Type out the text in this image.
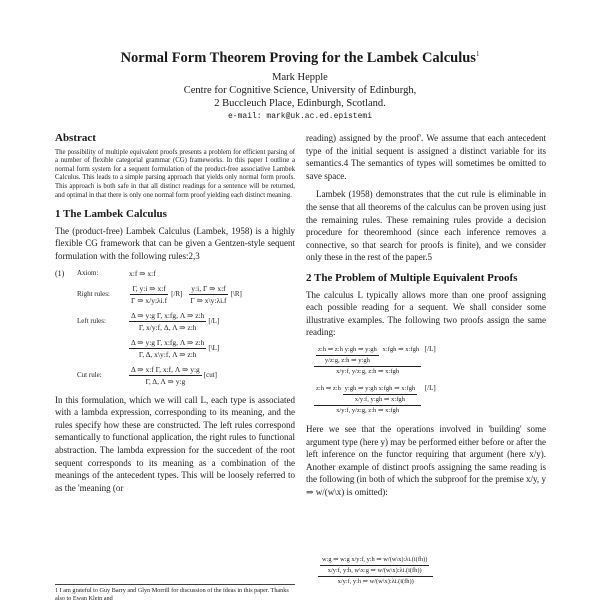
Normal Form Theorem Proving for the Lambek Calculus$^1$
Mark Hepple
Centre for Cognitive Science, University of Edinburgh,
2 Buccleuch Place, Edinburgh, Scotland.
e-mail: mark@uk.ac.ed.epistemi
Abstract

The possibility of multiple equivalent proofs presents a problem for efficient parsing of a number of flexible categorial grammar (CG) frameworks. In this paper I outline a normal form system for a sequent formulation of the product-free associative Lambek Calculus. This leads to a simple parsing approach that yields only normal form proofs. This approach is both safe in that all distinct readings for a sentence will be returned, and optimal in that there is only one normal form proof yielding each distinct meaning.

1 The Lambek Calculus

The (product-free) Lambek Calculus (Lambek, 1958) is a highly flexible CG framework that can be given a Gentzen-style sequent formulation with the following rules:2,3

(1)	Axiom:	x:f ⇒ x:f
Right rules:	$\frac{\Gamma, y:i \Rightarrow x:f}{\Gamma \Rightarrow x/y:\lambda i.f} [/R] \frac{y:i, \Gamma \Rightarrow x:f}{\Gamma \Rightarrow x\backslash y:\lambda i.f}$ [\R]
Left rules:	$\frac{\text{Δ ⇒ y:g Γ, x:fg, Λ ⇒ z:h}}{\Gamma, x/y:f, \Delta, \Lambda \Rightarrow z:h} [/L]$
$\frac{\text{Δ ⇒ y:g Γ, x:fg, Λ ⇒ z:h}}{\Gamma, \Delta, x\backslash y:f, \Lambda \Rightarrow z:h}$ [\L]
Cut rule:	$\frac{\text{Δ ⇒ x:f Γ, x:f, Λ ⇒ y:g}}{\Gamma, \Delta, \Lambda \Rightarrow y:g} [cut]$

In this formulation, which we will call L, each type is associated with a lambda expression, corresponding to its meaning, and the rules specify how these are constructed. The left rules correspond semantically to functional application, the right rules to functional abstraction. The lambda expression for the succedent of the root sequent corresponds to its meaning as a combination of the meanings of the antecedent types. This will be loosely referred to as the 'meaning (or

reading) assigned by the proof'. We assume that each antecedent type of the initial sequent is assigned a distinct variable for its semantics.4 The semantics of types will sometimes be omitted to save space.

Lambek (1958) demonstrates that the cut rule is eliminable in the sense that all theorems of the calculus can be proven using just the remaining rules. These remaining rules provide a decision procedure for theoremhood (since each inference removes a connective, so that search for proofs is finite), and we consider only these in the rest of the paper.5

2 The Problem of Multiple Equivalent Proofs

The calculus L typically allows more than one proof assigning each possible reading for a sequent. We shall consider some illustrative examples. The following two proofs assign the same reading:

$\frac{\text{z:h ⇒ z:h y:gh ⇒ y:gh}}{y/z:g, z:h \Rightarrow y:gh}$ x:fgh ⇒ x:fgh
x/y:f, y/z:g, z:h ⇒ x:fgh
[/L]
z:h ⇒ z:h $\frac{\text{y:gh ⇒ y:gh x:fgh ⇒ x:fgh}}{\text{x/y:f, y:gh ⇒ x:fgh}}$
x/y:f, y/z:g, z:h ⇒ x:fgh
[/L]

Here we see that the operations involved in 'building' some argument type (here y) may be performed either before or after the left inference on the functor requiring that argument (here x/y). Another example of distinct proofs assigning the same reading is the following (in both of which the subproof for the premise x/y, y ⇒ w/(w\x) is omitted):

$\frac{\text{w:g ⇒ w:g x/y:f, y:h ⇒ w/(w\textbackslash{}x):λi.(i(fh))}}{x/y:f, y:h, w\backslash x:g \Rightarrow w/(w\backslash x):\lambda i.(i(fh))}$
x/y:f, y:h ⇒ w/(w\x):λi.(i(fh))
1 I am grateful to Guy Barry and Glyn Morrill for discussion of the ideas in this paper. Thanks also to Ewan Klein and
